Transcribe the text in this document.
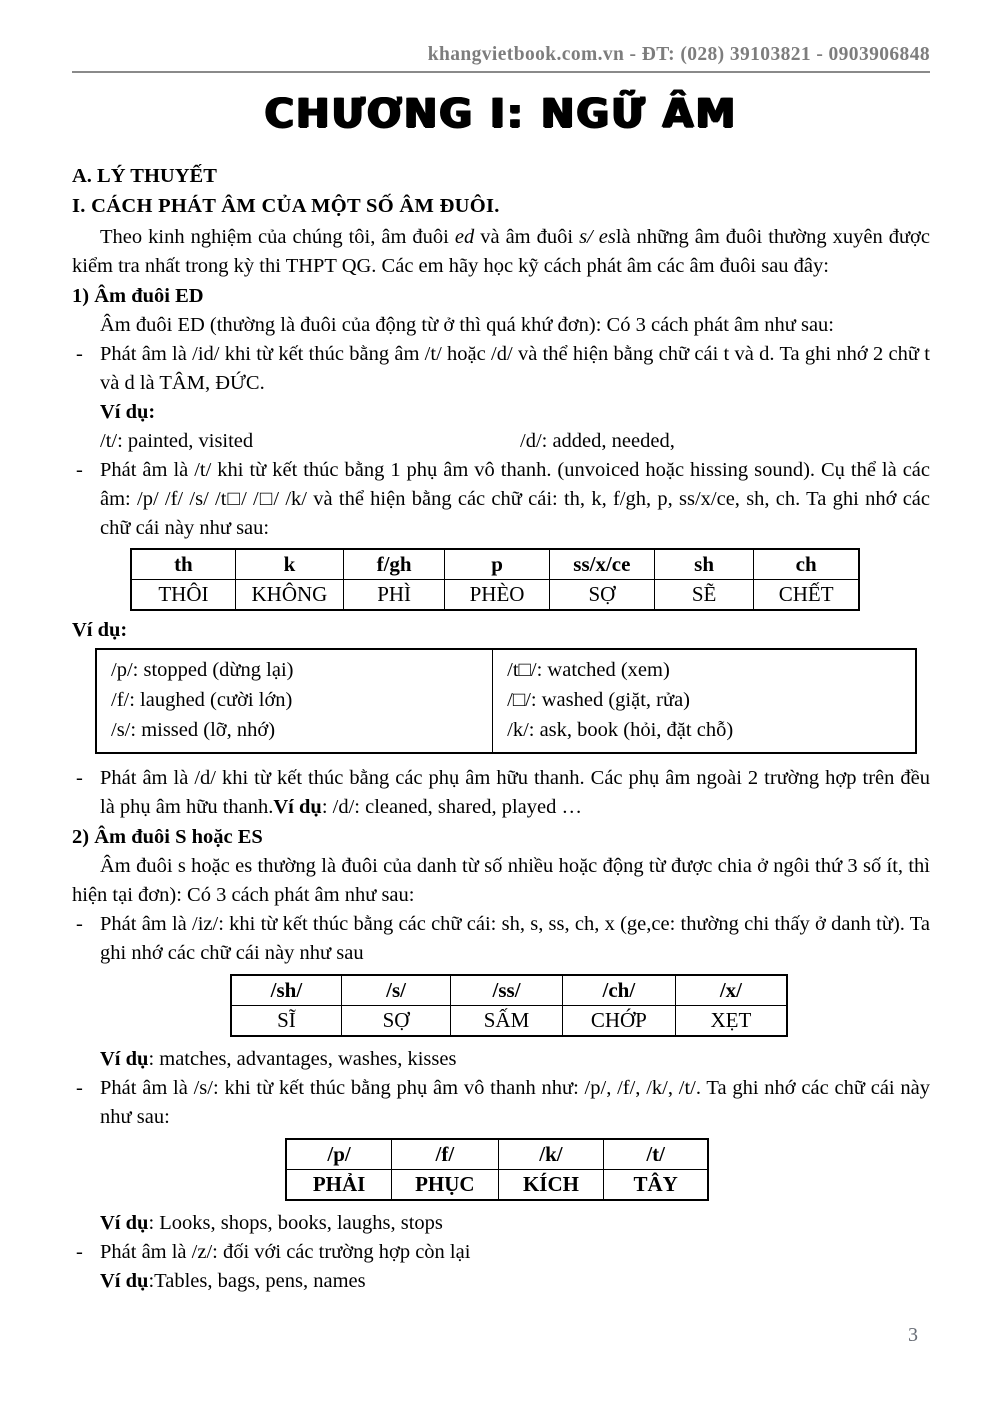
khangvietbook.com.vn - ĐT: (028) 39103821 - 0903906848
CHƯƠNG I: NGỮ ÂM

A. LÝ THUYẾT

I. CÁCH PHÁT ÂM CỦA MỘT SỐ ÂM ĐUÔI.

Theo kinh nghiệm của chúng tôi, âm đuôi ed và âm đuôi s/ eslà những âm đuôi thường xuyên được kiểm tra nhất trong kỳ thi THPT QG. Các em hãy học kỹ cách phát âm các âm đuôi sau đây:

1) Âm đuôi ED

Âm đuôi ED (thường là đuôi của động từ ở thì quá khứ đơn): Có 3 cách phát âm như sau:

- Phát âm là /id/ khi từ kết thúc bằng âm /t/ hoặc /d/ và thể hiện bằng chữ cái t và d. Ta ghi nhớ 2 chữ t và d là TÂM, ĐỨC.

Ví dụ:

/t/: painted, visited	/d/: added, needed,

- Phát âm là /t/ khi từ kết thúc bằng 1 phụ âm vô thanh. (unvoiced hoặc hissing sound). Cụ thể là các âm: /p/ /f/ /s/ /t□/ /□/ /k/ và thể hiện bằng các chữ cái: th, k, f/gh, p, ss/x/ce, sh, ch. Ta ghi nhớ các chữ cái này như sau:
th	k	f/gh	p	ss/x/ce	sh	ch
THÔI	KHÔNG	PHÌ	PHÈO	SỢ	SẼ	CHẾT

Ví dụ:

/p/: stopped (dừng lại)

/f/: laughed (cười lớn)

/s/: missed (lỡ, nhớ)

/t□/: watched (xem)

/□/: washed (giặt, rửa)

/k/: ask, book (hỏi, đặt chỗ)

- Phát âm là /d/ khi từ kết thúc bằng các phụ âm hữu thanh. Các phụ âm ngoài 2 trường hợp trên đều là phụ âm hữu thanh.Ví dụ: /d/: cleaned, shared, played …

2) Âm đuôi S hoặc ES

Âm đuôi s hoặc es thường là đuôi của danh từ số nhiều hoặc động từ được chia ở ngôi thứ 3 số ít, thì hiện tại đơn): Có 3 cách phát âm như sau:

- Phát âm là /iz/: khi từ kết thúc bằng các chữ cái: sh, s, ss, ch, x (ge,ce: thường chi thấy ở danh từ). Ta ghi nhớ các chữ cái này như sau
/sh/	/s/	/ss/	/ch/	/x/
SĨ	SỢ	SẤM	CHỚP	XẸT

Ví dụ: matches, advantages, washes, kisses

- Phát âm là /s/: khi từ kết thúc bằng phụ âm vô thanh như: /p/, /f/, /k/, /t/. Ta ghi nhớ các chữ cái này như sau:
/p/	/f/	/k/	/t/
PHẢI	PHỤC	KÍCH	TÂY

Ví dụ: Looks, shops, books, laughs, stops

- Phát âm là /z/: đối với các trường hợp còn lại

Ví dụ:Tables, bags, pens, names

3
